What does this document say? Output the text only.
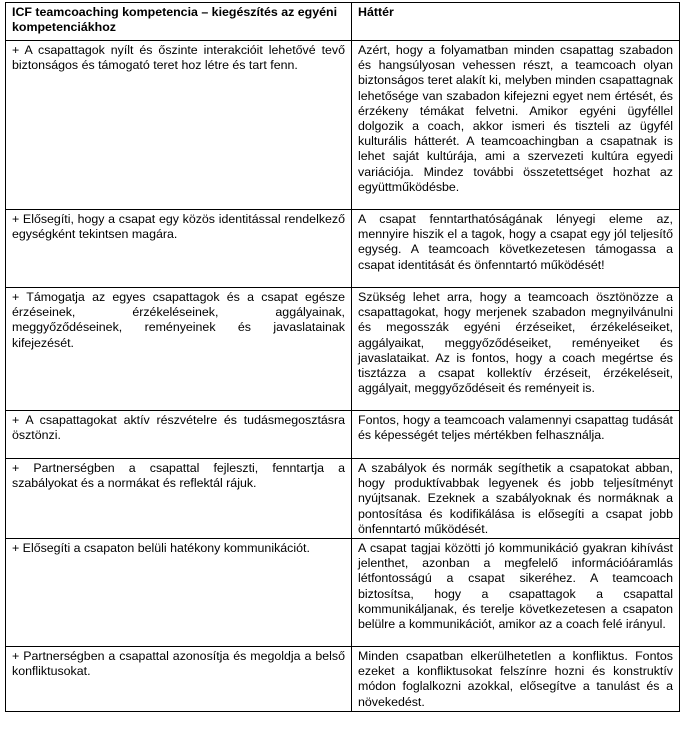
ICF teamcoaching kompetencia – kiegészítés az egyéni kompetenciákhoz	Háttér
+ A csapattagok nyílt és őszinte interakcióit lehetővé tevő biztonságos és támogató teret hoz létre és tart fenn.	Azért, hogy a folyamatban minden csapattag szabadon és hangsúlyosan vehessen részt, a teamcoach olyan biztonságos teret alakít ki, melyben minden csapattagnak lehetősége van szabadon kifejezni egyet nem értését, és érzékeny témákat felvetni. Amikor egyéni ügyféllel dolgozik a coach, akkor ismeri és tiszteli az ügyfél kulturális hátterét. A teamcoachingban a csapatnak is lehet saját kultúrája, ami a szervezeti kultúra egyedi variációja. Mindez további összetettséget hozhat az együttműködésbe.
+ Elősegíti, hogy a csapat egy közös identitással rendelkező egységként tekintsen magára.	A csapat fenntarthatóságának lényegi eleme az, mennyire hiszik el a tagok, hogy a csapat egy jól teljesítő egység. A teamcoach következetesen támogassa a csapat identitását és önfenntartó működését!
+ Támogatja az egyes csapattagok és a csapat egésze érzéseinek, érzékeléseinek, aggályainak, meggyőződéseinek, reményeinek és javaslatainak kifejezését.	Szükség lehet arra, hogy a teamcoach ösztönözze a csapattagokat, hogy merjenek szabadon megnyilvánulni és megosszák egyéni érzéseiket, érzékeléseiket, aggályaikat, meggyőződéseiket, reményeiket és javaslataikat. Az is fontos, hogy a coach megértse és tisztázza a csapat kollektív érzéseit, érzékeléseit, aggályait, meggyőződéseit és reményeit is.
+ A csapattagokat aktív részvételre és tudásmegosztásra ösztönzi.	Fontos, hogy a teamcoach valamennyi csapattag tudását és képességét teljes mértékben felhasználja.
+ Partnerségben a csapattal fejleszti, fenntartja a szabályokat és a normákat és reflektál rájuk.	A szabályok és normák segíthetik a csapatokat abban, hogy produktívabbak legyenek és jobb teljesítményt nyújtsanak. Ezeknek a szabályoknak és normáknak a pontosítása és kodifikálása is elősegíti a csapat jobb önfenntartó működését.
+ Elősegíti a csapaton belüli hatékony kommunikációt.	A csapat tagjai közötti jó kommunikáció gyakran kihívást jelenthet, azonban a megfelelő információáramlás létfontosságú a csapat sikeréhez. A teamcoach biztosítsa, hogy a csapattagok a csapattal kommunikáljanak, és terelje következetesen a csapaton belülre a kommunikációt, amikor az a coach felé irányul.
+ Partnerségben a csapattal azonosítja és megoldja a belső konfliktusokat.	Minden csapatban elkerülhetetlen a konfliktus. Fontos ezeket a konfliktusokat felszínre hozni és konstruktív módon foglalkozni azokkal, elősegítve a tanulást és a növekedést.
